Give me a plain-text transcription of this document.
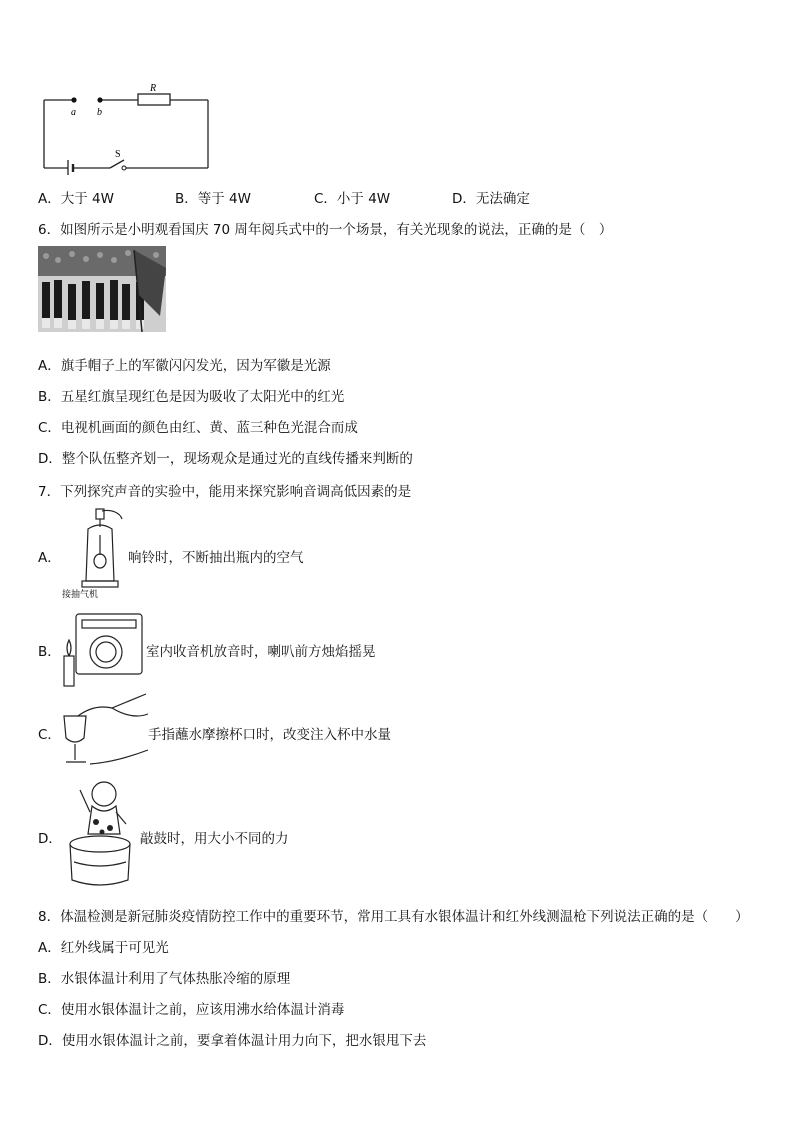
a b
R
S
A．大于 4W	B．等于 4W	C．小于 4W	D．无法确定
6．如图所示是小明观看国庆 70 周年阅兵式中的一个场景，有关光现象的说法，正确的是（　）
A．旗手帽子上的军徽闪闪发光，因为军徽是光源
B．五星红旗呈现红色是因为吸收了太阳光中的红光
C．电视机画面的颜色由红、黄、蓝三种色光混合而成
D．整个队伍整齐划一，现场观众是通过光的直线传播来判断的
7．下列探究声音的实验中，能用来探究影响音调高低因素的是
A．
接抽气机
响铃时，不断抽出瓶内的空气
B．	室内收音机放音时，喇叭前方烛焰摇晃
C．	手指蘸水摩擦杯口时，改变注入杯中水量
D．	敲鼓时，用大小不同的力
8．体温检测是新冠肺炎疫情防控工作中的重要环节，常用工具有水银体温计和红外线测温枪下列说法正确的是（　　）
A．红外线属于可见光
B．水银体温计利用了气体热胀冷缩的原理
C．使用水银体温计之前，应该用沸水给体温计消毒
D．使用水银体温计之前，要拿着体温计用力向下，把水银甩下去
